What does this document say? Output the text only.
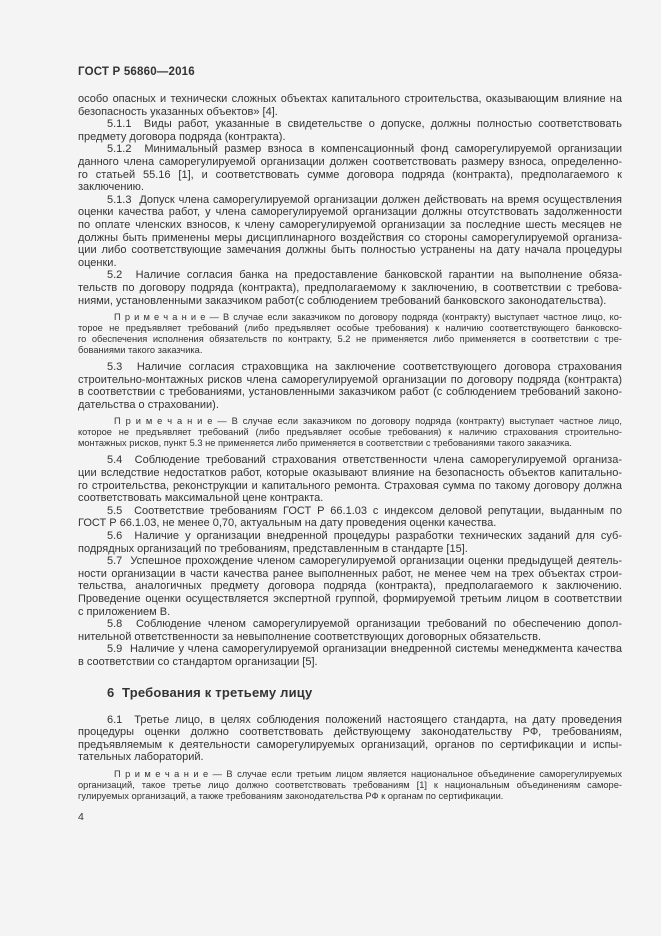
ГОСТ Р 56860—2016
особо опасных и технически сложных объектах капитального строительства, оказывающим влияние на
безопасность указанных объектов» [4].
5.1.1  Виды работ, указанные в свидетельстве о допуске, должны полностью соответствовать
предмету договора подряда (контракта).
5.1.2  Минимальный размер взноса в компенсационный фонд саморегулируемой организации
данного члена саморегулируемой организации должен соответствовать размеру взноса, определенно-
го статьей 55.16 [1], и соответствовать сумме договора подряда (контракта), предполагаемого к
заключению.
5.1.3  Допуск члена саморегулируемой организации должен действовать на время осуществления
оценки качества работ, у члена саморегулируемой организации должны отсутствовать задолженности
по оплате членских взносов, к члену саморегулируемой организации за последние шесть месяцев не
должны быть применены меры дисциплинарного воздействия со стороны саморегулируемой организа-
ции либо соответствующие замечания должны быть полностью устранены на дату начала процедуры
оценки.
5.2  Наличие согласия банка на предоставление банковской гарантии на выполнение обяза-
тельств по договору подряда (контракта), предполагаемому к заключению, в соответствии с требова-
ниями, установленными заказчиком работ(с соблюдением требований банковского законодательства).
П р и м е ч а н и е — В случае если заказчиком по договору подряда (контракту) выступает частное лицо, ко-
торое не предъявляет требований (либо предъявляет особые требования) к наличию соответствующего банковско-
го обеспечения исполнения обязательств по контракту, 5.2 не применяется либо применяется в соответствии с тре-
бованиями такого заказчика.
5.3  Наличие согласия страховщика на заключение соответствующего договора страхования
строительно-монтажных рисков члена саморегулируемой организации по договору подряда (контракта)
в соответствии с требованиями, установленными заказчиком работ (с соблюдением требований законо-
дательства о страховании).
П р и м е ч а н и е — В случае если заказчиком по договору подряда (контракту) выступает частное лицо,
которое не предъявляет требований (либо предъявляет особые требования) к наличию страхования строительно-
монтажных рисков, пункт 5.3 не применяется либо применяется в соответствии с требованиями такого заказчика.
5.4  Соблюдение требований страхования ответственности члена саморегулируемой организа-
ции вследствие недостатков работ, которые оказывают влияние на безопасность объектов капитально-
го строительства, реконструкции и капитального ремонта. Страховая сумма по такому договору должна
соответствовать максимальной цене контракта.
5.5  Соответствие требованиям ГОСТ Р 66.1.03 с индексом деловой репутации, выданным по
ГОСТ Р 66.1.03, не менее 0,70, актуальным на дату проведения оценки качества.
5.6  Наличие у организации внедренной процедуры разработки технических заданий для суб-
подрядных организаций по требованиям, представленным в стандарте [15].
5.7  Успешное прохождение членом саморегулируемой организации оценки предыдущей деятель-
ности организации в части качества ранее выполненных работ, не менее чем на трех объектах строи-
тельства, аналогичных предмету договора подряда (контракта), предполагаемого к заключению.
Проведение оценки осуществляется экспертной группой, формируемой третьим лицом в соответствии
с приложением В.
5.8  Соблюдение членом саморегулируемой организации требований по обеспечению допол-
нительной ответственности за невыполнение соответствующих договорных обязательств.
5.9  Наличие у члена саморегулируемой организации внедренной системы менеджмента качества
в соответствии со стандартом организации [5].
6  Требования к третьему лицу
6.1  Третье лицо, в целях соблюдения положений настоящего стандарта, на дату проведения
процедуры оценки должно соответствовать действующему законодательству РФ, требованиям,
предъявляемым к деятельности саморегулируемых организаций, органов по сертификации и испы-
тательных лабораторий.
П р и м е ч а н и е — В случае если третьим лицом является национальное объединение саморегулируемых
организаций, такое третье лицо должно соответствовать требованиям [1] к национальным объединениям саморе-
гулируемых организаций, а также требованиям законодательства РФ к органам по сертификации.
4
